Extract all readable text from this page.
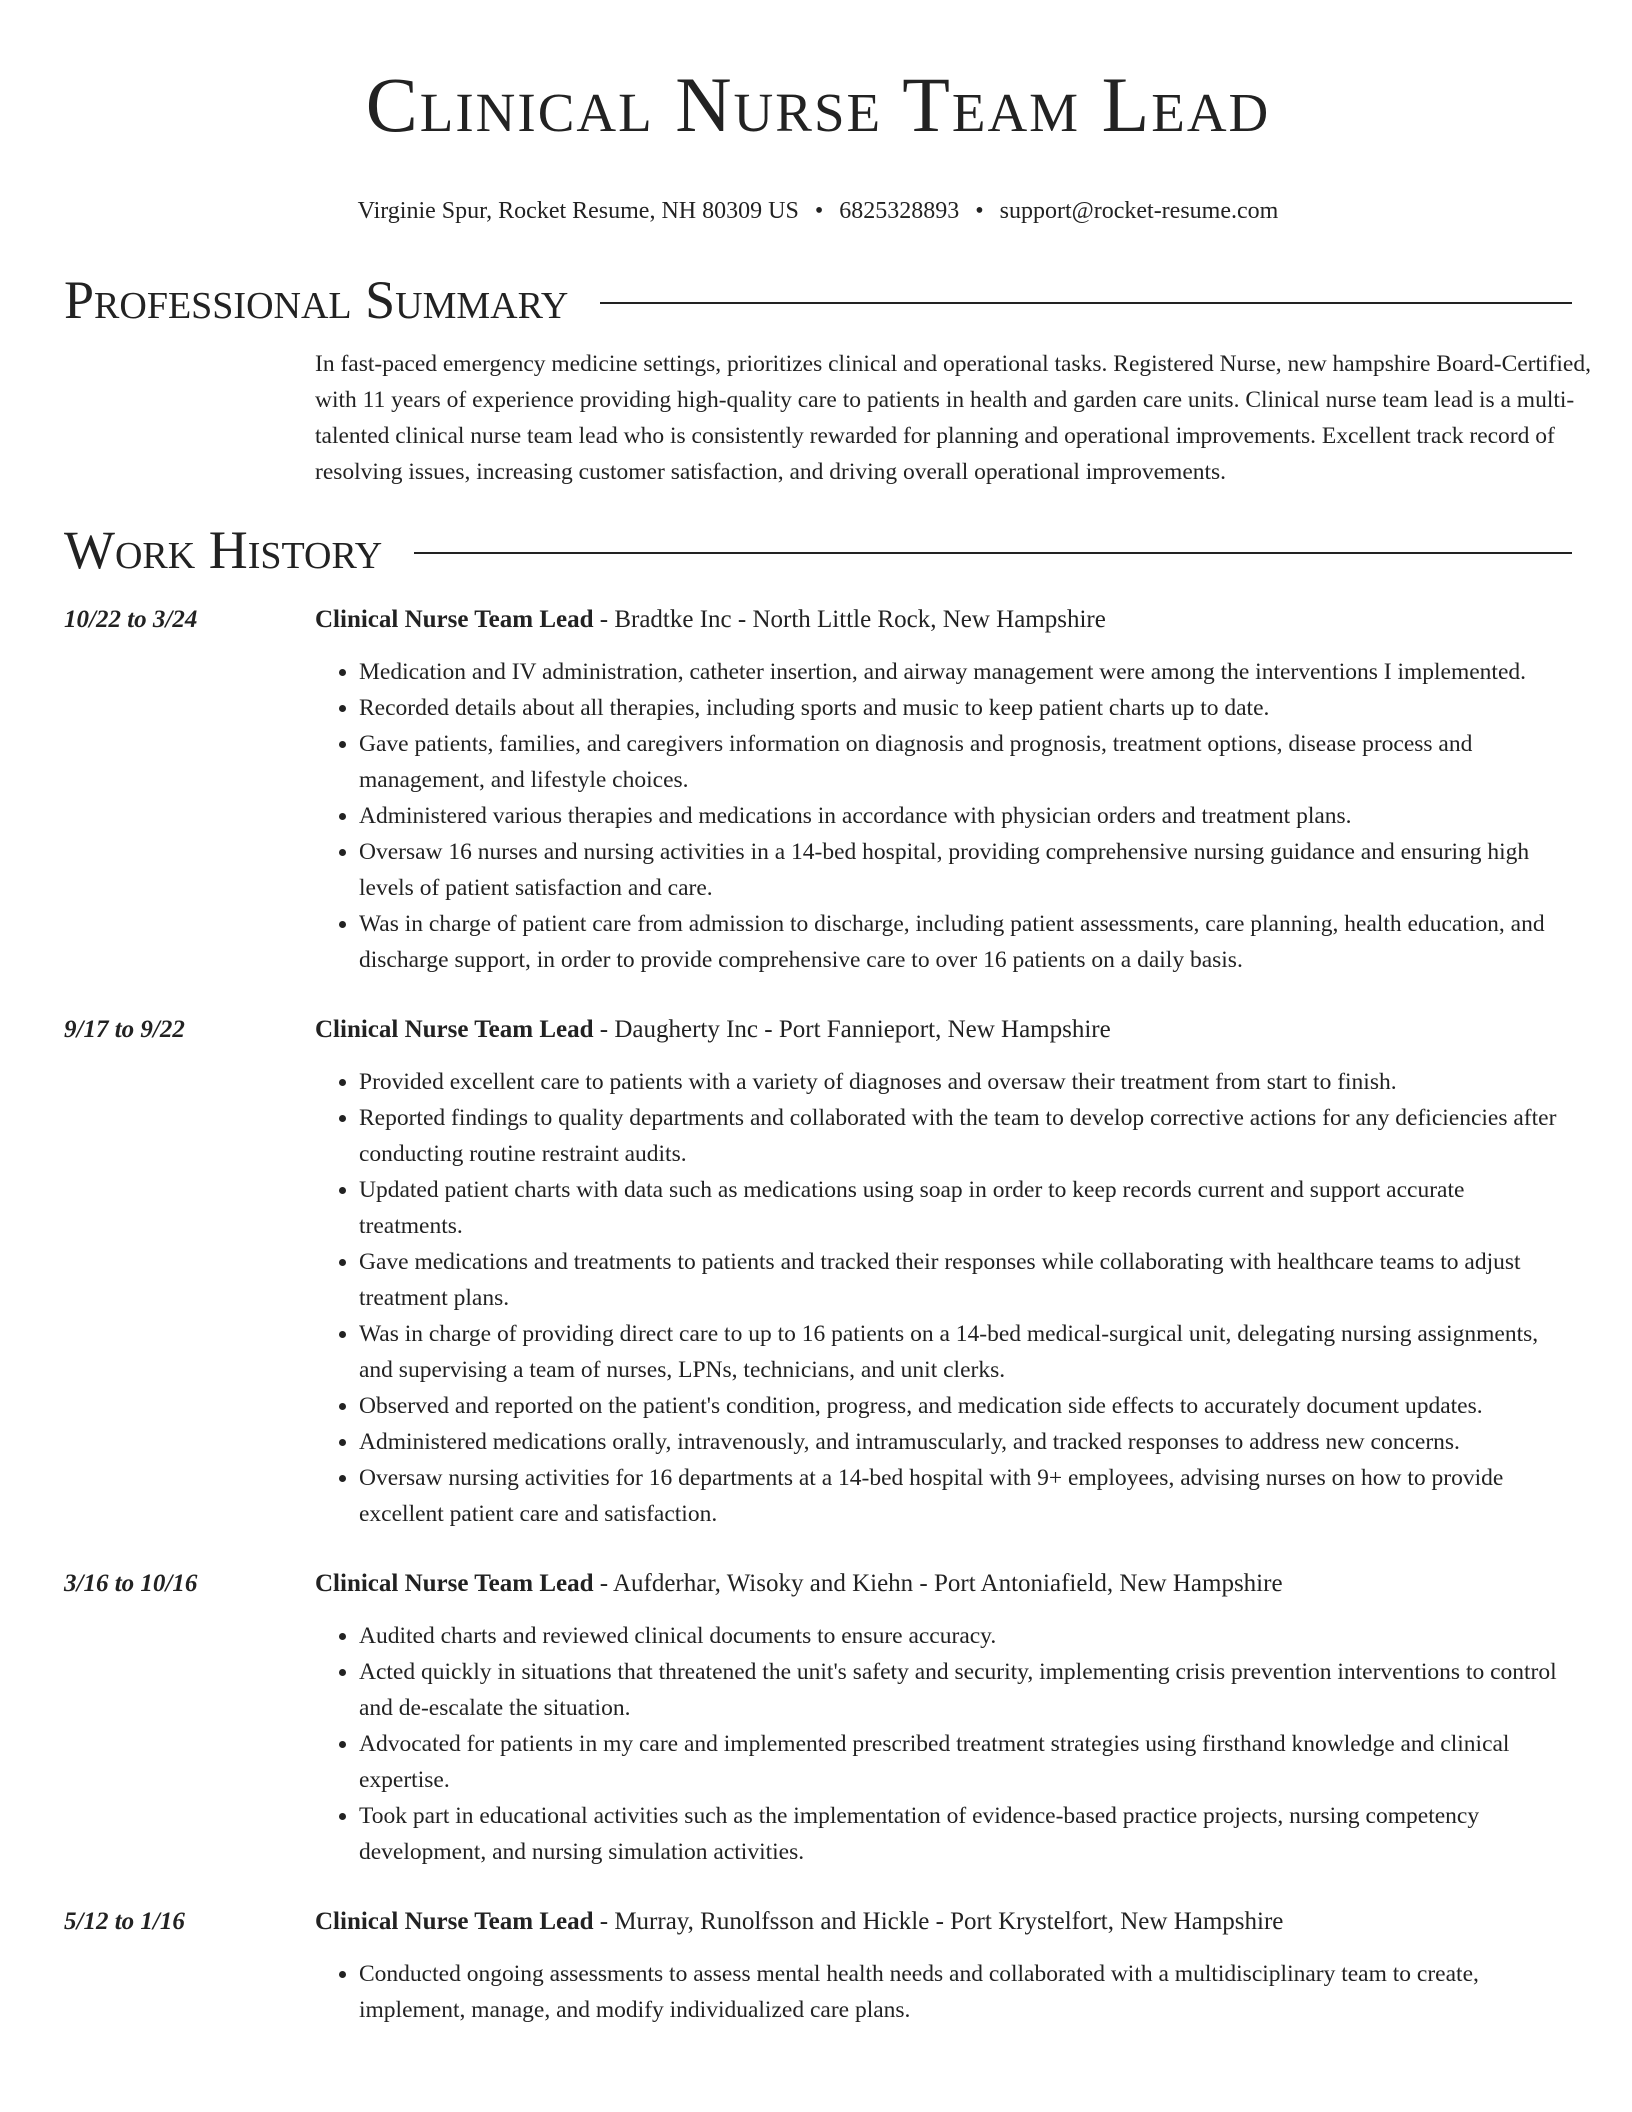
Clinical Nurse Team Lead
Virginie Spur, Rocket Resume, NH 80309 US • 6825328893 • support@rocket-resume.com
Professional Summary
In fast-paced emergency medicine settings, prioritizes clinical and operational tasks. Registered Nurse, new hampshire Board-Certified, with 11 years of experience providing high-quality care to patients in health and garden care units. Clinical nurse team lead is a multi-talented clinical nurse team lead who is consistently rewarded for planning and operational improvements. Excellent track record of resolving issues, increasing customer satisfaction, and driving overall operational improvements.
Work History
10/22 to 3/24	Clinical Nurse Team Lead - Bradtke Inc - North Little Rock, New Hampshire
• Medication and IV administration, catheter insertion, and airway management were among the interventions I implemented.
• Recorded details about all therapies, including sports and music to keep patient charts up to date.
• Gave patients, families, and caregivers information on diagnosis and prognosis, treatment options, disease process and management, and lifestyle choices.
• Administered various therapies and medications in accordance with physician orders and treatment plans.
• Oversaw 16 nurses and nursing activities in a 14-bed hospital, providing comprehensive nursing guidance and ensuring high levels of patient satisfaction and care.
• Was in charge of patient care from admission to discharge, including patient assessments, care planning, health education, and discharge support, in order to provide comprehensive care to over 16 patients on a daily basis.
9/17 to 9/22	Clinical Nurse Team Lead - Daugherty Inc - Port Fannieport, New Hampshire
• Provided excellent care to patients with a variety of diagnoses and oversaw their treatment from start to finish.
• Reported findings to quality departments and collaborated with the team to develop corrective actions for any deficiencies after conducting routine restraint audits.
• Updated patient charts with data such as medications using soap in order to keep records current and support accurate treatments.
• Gave medications and treatments to patients and tracked their responses while collaborating with healthcare teams to adjust treatment plans.
• Was in charge of providing direct care to up to 16 patients on a 14-bed medical-surgical unit, delegating nursing assignments, and supervising a team of nurses, LPNs, technicians, and unit clerks.
• Observed and reported on the patient's condition, progress, and medication side effects to accurately document updates.
• Administered medications orally, intravenously, and intramuscularly, and tracked responses to address new concerns.
• Oversaw nursing activities for 16 departments at a 14-bed hospital with 9+ employees, advising nurses on how to provide excellent patient care and satisfaction.
3/16 to 10/16	Clinical Nurse Team Lead - Aufderhar, Wisoky and Kiehn - Port Antoniafield, New Hampshire
• Audited charts and reviewed clinical documents to ensure accuracy.
• Acted quickly in situations that threatened the unit's safety and security, implementing crisis prevention interventions to control and de-escalate the situation.
• Advocated for patients in my care and implemented prescribed treatment strategies using firsthand knowledge and clinical expertise.
• Took part in educational activities such as the implementation of evidence-based practice projects, nursing competency development, and nursing simulation activities.
5/12 to 1/16	Clinical Nurse Team Lead - Murray, Runolfsson and Hickle - Port Krystelfort, New Hampshire
• Conducted ongoing assessments to assess mental health needs and collaborated with a multidisciplinary team to create, implement, manage, and modify individualized care plans.
